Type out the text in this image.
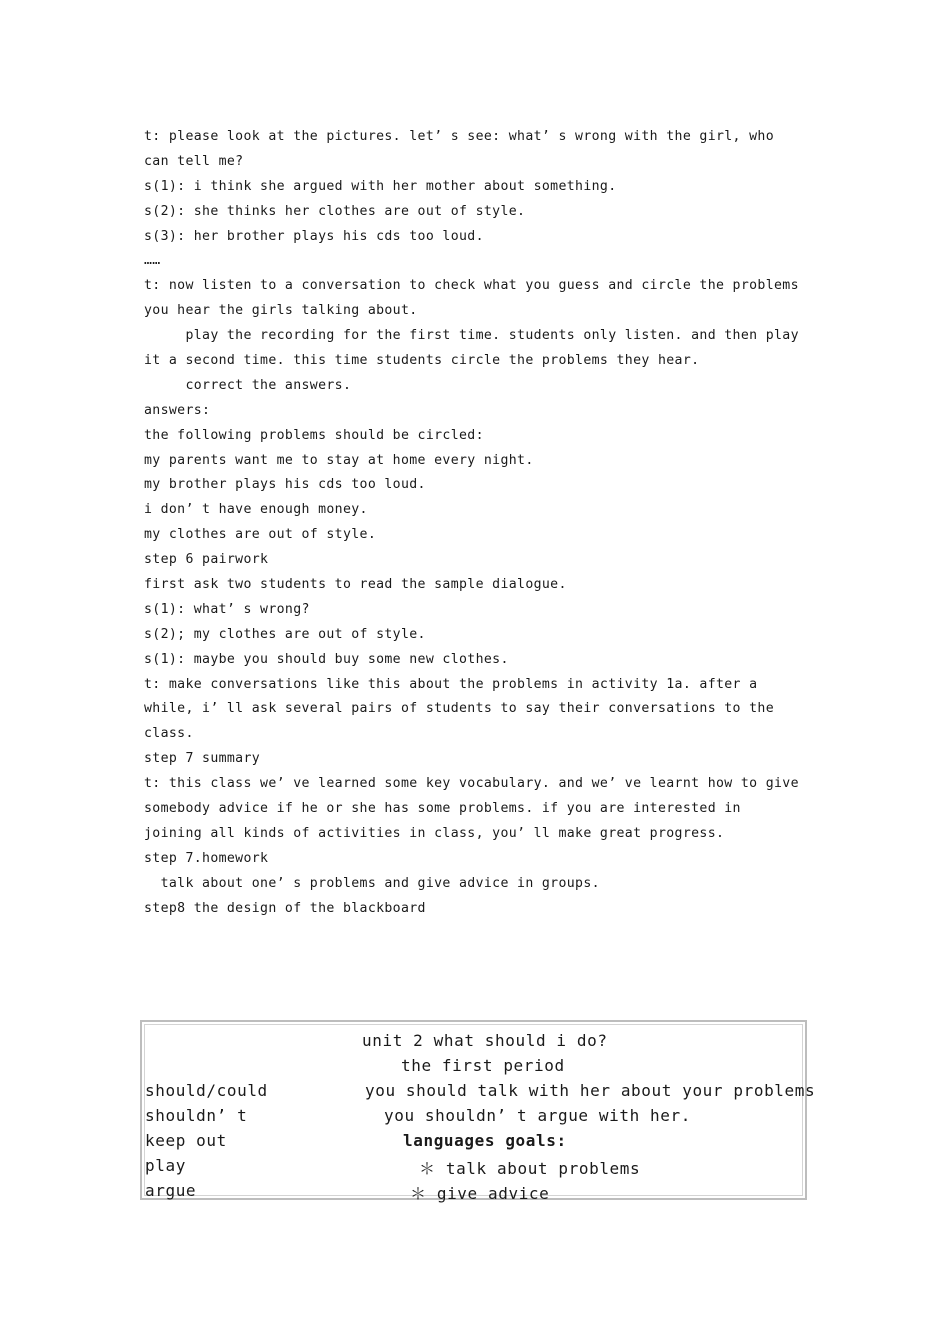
t: please look at the pictures. let’ s see: what’ s wrong with the girl, who
can tell me?
s(1): i think she argued with her mother about something.
s(2): she thinks her clothes are out of style.
s(3): her brother plays his cds too loud.
……
t: now listen to a conversation to check what you guess and circle the problems
you hear the girls talking about.
play the recording for the first time. students only listen. and then play
it a second time. this time students circle the problems they hear.
correct the answers.
answers:
the following problems should be circled:
my parents want me to stay at home every night.
my brother plays his cds too loud.
i don’ t have enough money.
my clothes are out of style.
step 6 pairwork
first ask two students to read the sample dialogue.
s(1): what’ s wrong?
s(2); my clothes are out of style.
s(1): maybe you should buy some new clothes.
t: make conversations like this about the problems in activity 1a. after a
while, i’ ll ask several pairs of students to say their conversations to the
class.
step 7 summary
t: this class we’ ve learned some key vocabulary. and we’ ve learnt how to give
somebody advice if he or she has some problems. if you are interested in
joining all kinds of activities in class, you’ ll make great progress.
step 7.homework
talk about one’ s problems and give advice in groups.
step8 the design of the blackboard
unit 2 what should i do?
the first period
should/could	you should talk with her about your problems
shouldn’ t	you shouldn’ t argue with her.
keep out	languages goals:
play	＊ talk about problems
argue	＊ give advice
